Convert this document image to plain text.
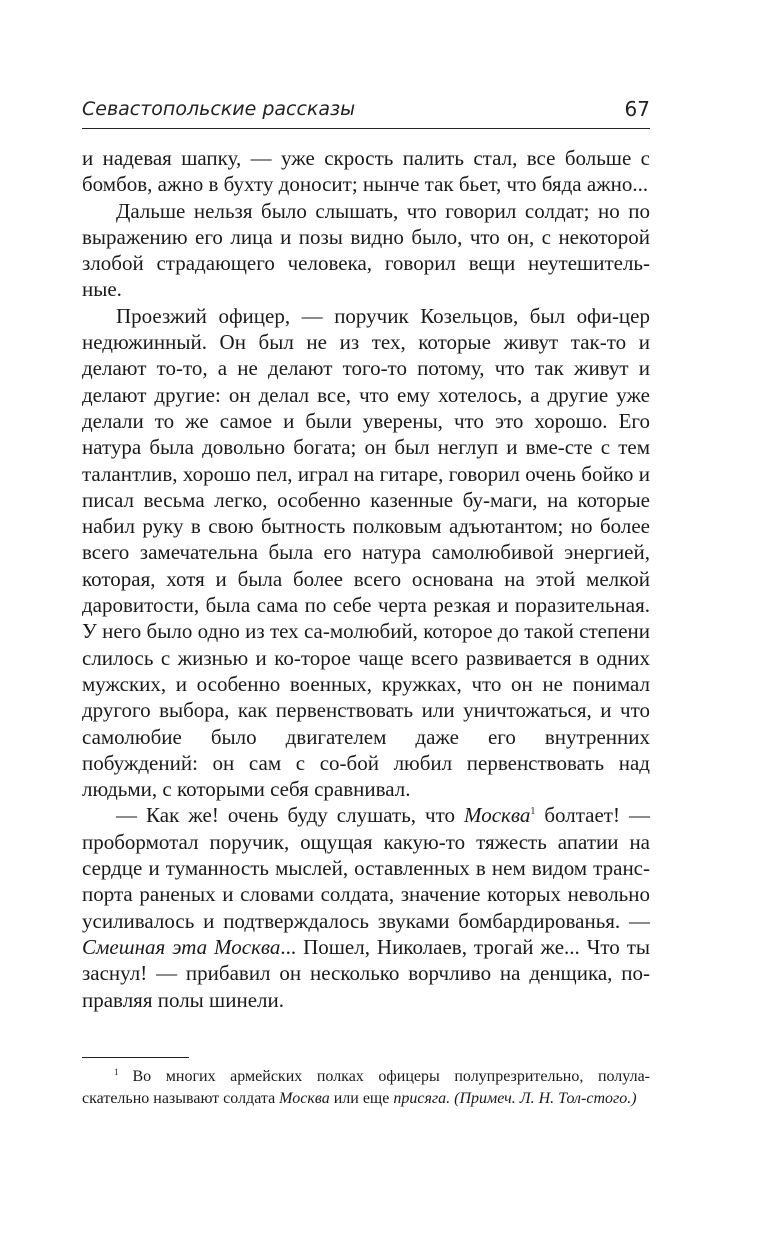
Севастопольские рассказы	67

и надевая шапку, — уже скрость палить стал, все больше с бомбов, ажно в бухту доносит; нынче так бьет, что бяда ажно...

Дальше нельзя было слышать, что говорил солдат; но по выражению его лица и позы видно было, что он, с некоторой злобой страдающего человека, говорил вещи неутешитель-ные.

Проезжий офицер, — поручик Козельцов, был офи-цер недюжинный. Он был не из тех, которые живут так-то и делают то-то, а не делают того-то потому, что так живут и делают другие: он делал все, что ему хотелось, а другие уже делали то же самое и были уверены, что это хорошо. Его натура была довольно богата; он был неглуп и вме-сте с тем талантлив, хорошо пел, играл на гитаре, говорил очень бойко и писал весьма легко, особенно казенные бу-маги, на которые набил руку в свою бытность полковым адъютантом; но более всего замечательна была его натура самолюбивой энергией, которая, хотя и была более всего основана на этой мелкой даровитости, была сама по себе черта резкая и поразительная. У него было одно из тех са-молюбий, которое до такой степени слилось с жизнью и ко-торое чаще всего развивается в одних мужских, и особенно военных, кружках, что он не понимал другого выбора, как первенствовать или уничтожаться, и что самолюбие было двигателем даже его внутренних побуждений: он сам с со-бой любил первенствовать над людьми, с которыми себя сравнивал.

— Как же! очень буду слушать, что Москва$^1$ болтает! — пробормотал поручик, ощущая какую-то тяжесть апатии на сердце и туманность мыслей, оставленных в нем видом транс-порта раненых и словами солдата, значение которых невольно усиливалось и подтверждалось звуками бомбардированья. — Смешная эта Москва... Пошел, Николаев, трогай же... Что ты заснул! — прибавил он несколько ворчливо на денщика, по-правляя полы шинели.

$^1$ Во многих армейских полках офицеры полупрезрительно, полула-скательно называют солдата Москва или еще присяга. (Примеч. Л. Н. Тол-стого.)
